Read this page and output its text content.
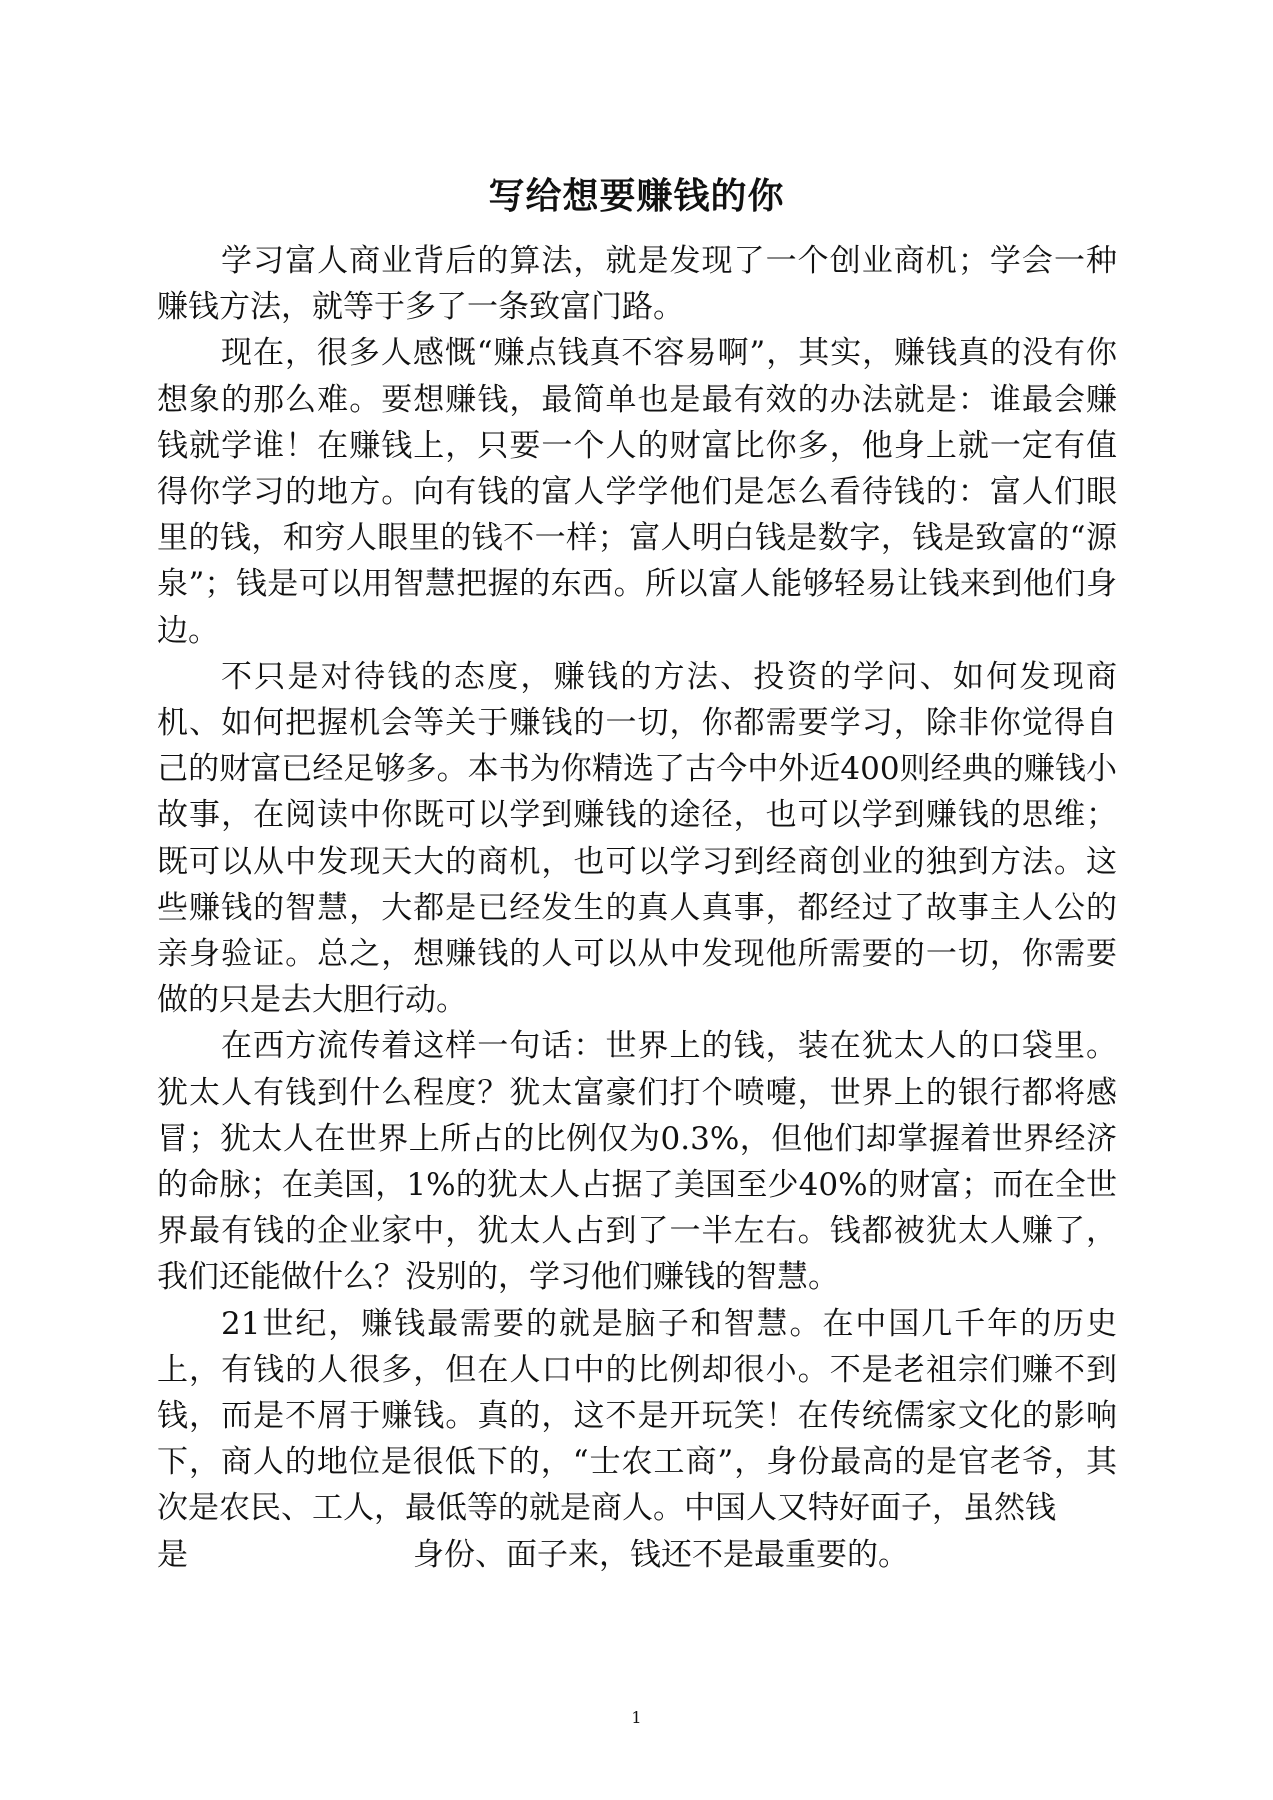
写给想要赚钱的你

学习富人商业背后的算法，就是发现了一个创业商机；学会一种赚钱方法，就等于多了一条致富门路。

现在，很多人感慨“赚点钱真不容易啊”，其实，赚钱真的没有你想象的那么难。要想赚钱，最简单也是最有效的办法就是：谁最会赚钱就学谁！在赚钱上，只要一个人的财富比你多，他身上就一定有值得你学习的地方。向有钱的富人学学他们是怎么看待钱的：富人们眼里的钱，和穷人眼里的钱不一样；富人明白钱是数字，钱是致富的“源泉”；钱是可以用智慧把握的东西。所以富人能够轻易让钱来到他们身边。

不只是对待钱的态度，赚钱的方法、投资的学问、如何发现商机、如何把握机会等关于赚钱的一切，你都需要学习，除非你觉得自己的财富已经足够多。本书为你精选了古今中外近400则经典的赚钱小故事，在阅读中你既可以学到赚钱的途径，也可以学到赚钱的思维；既可以从中发现天大的商机，也可以学习到经商创业的独到方法。这些赚钱的智慧，大都是已经发生的真人真事，都经过了故事主人公的亲身验证。总之，想赚钱的人可以从中发现他所需要的一切，你需要做的只是去大胆行动。

在西方流传着这样一句话：世界上的钱，装在犹太人的口袋里。犹太人有钱到什么程度？犹太富豪们打个喷嚏，世界上的银行都将感冒；犹太人在世界上所占的比例仅为0.3%，但他们却掌握着世界经济的命脉；在美国，1%的犹太人占据了美国至少40%的财富；而在全世界最有钱的企业家中，犹太人占到了一半左右。钱都被犹太人赚了，我们还能做什么？没别的，学习他们赚钱的智慧。

21世纪，赚钱最需要的就是脑子和智慧。在中国几千年的历史上，有钱的人很多，但在人口中的比例却很小。不是老祖宗们赚不到钱，而是不屑于赚钱。真的，这不是开玩笑！在传统儒家文化的影响下，商人的地位是很低下的，“士农工商”，身份最高的是官老爷，其次是农民、工人，最低等的就是商人。中国人又特好面子，虽然钱

是	身份、面子来，钱还不是最重要的。

1
